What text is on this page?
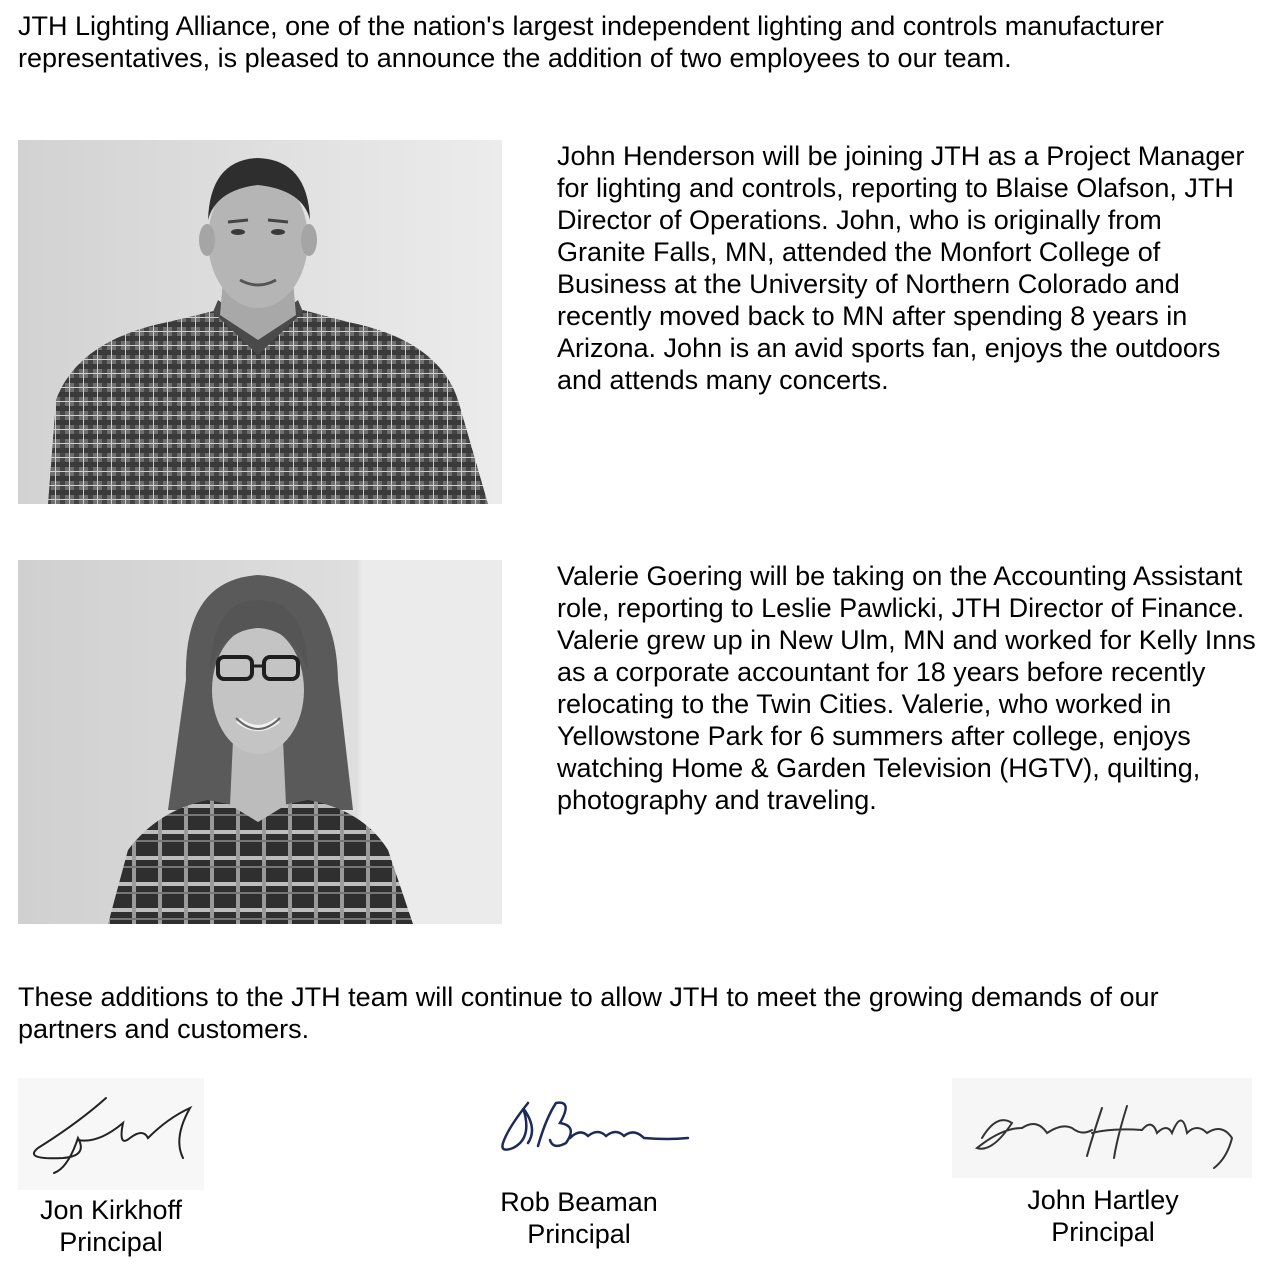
JTH Lighting Alliance, one of the nation's largest independent lighting and controls manufacturer representatives, is pleased to announce the addition of two employees to our team.

John Henderson will be joining JTH as a Project Manager for lighting and controls, reporting to Blaise Olafson, JTH Director of Operations. John, who is originally from Granite Falls, MN, attended the Monfort College of Business at the University of Northern Colorado and recently moved back to MN after spending 8 years in Arizona. John is an avid sports fan, enjoys the outdoors and attends many concerts.

Valerie Goering will be taking on the Accounting Assistant role, reporting to Leslie Pawlicki, JTH Director of Finance. Valerie grew up in New Ulm, MN and worked for Kelly Inns as a corporate accountant for 18 years before recently relocating to the Twin Cities. Valerie, who worked in Yellowstone Park for 6 summers after college, enjoys watching Home & Garden Television (HGTV), quilting, photography and traveling.

These additions to the JTH team will continue to allow JTH to meet the growing demands of our partners and customers.

Jon Kirkhoff
Principal
Rob Beaman
Principal
John Hartley
Principal
